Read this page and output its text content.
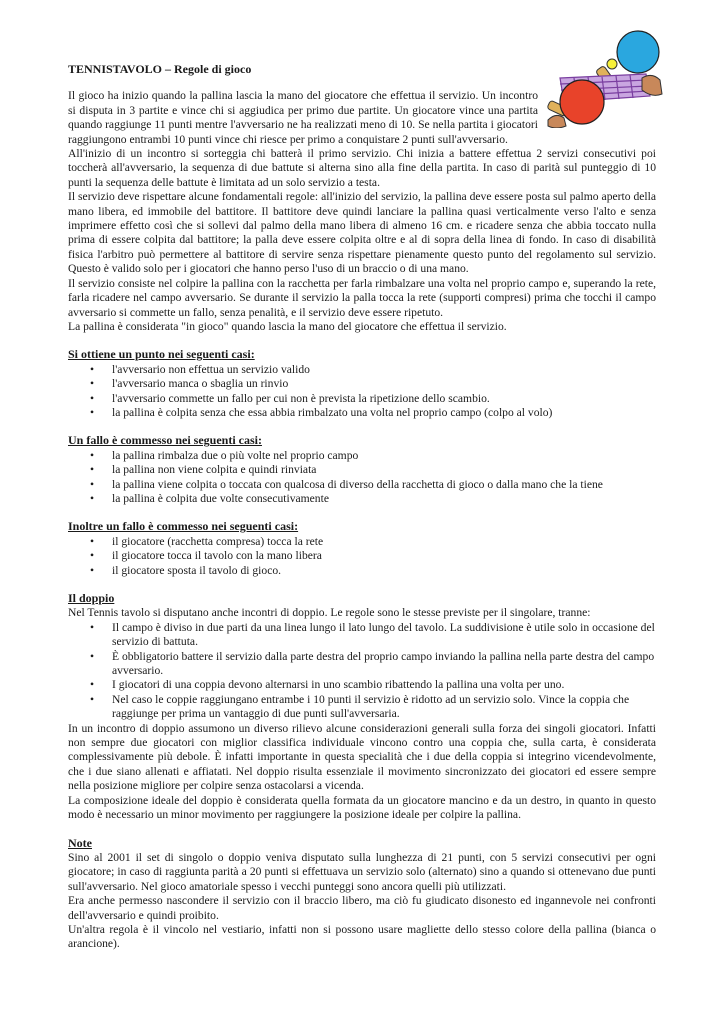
TENNISTAVOLO – Regole di gioco

Il gioco ha inizio quando la pallina lascia la mano del giocatore che effettua il servizio. Un incontro si disputa in 3 partite e vince chi si aggiudica per primo due partite. Un giocatore vince una partita quando raggiunge 11 punti mentre l'avversario ne ha realizzati meno di 10. Se nella partita i giocatori raggiungono entrambi 10 punti vince chi riesce per primo a conquistare 2 punti sull'avversario.

All'inizio di un incontro si sorteggia chi batterà il primo servizio. Chi inizia a battere effettua 2 servizi consecutivi poi toccherà all'avversario, la sequenza di due battute si alterna sino alla fine della partita. In caso di parità sul punteggio di 10 punti la sequenza delle battute è limitata ad un solo servizio a testa.

Il servizio deve rispettare alcune fondamentali regole: all'inizio del servizio, la pallina deve essere posta sul palmo aperto della mano libera, ed immobile del battitore. Il battitore deve quindi lanciare la pallina quasi verticalmente verso l'alto e senza imprimere effetto così che si sollevi dal palmo della mano libera di almeno 16 cm. e ricadere senza che abbia toccato nulla prima di essere colpita dal battitore; la palla deve essere colpita oltre e al di sopra della linea di fondo. In caso di disabilità fisica l'arbitro può permettere al battitore di servire senza rispettare pienamente questo punto del regolamento sul servizio. Questo è valido solo per i giocatori che hanno perso l'uso di un braccio o di una mano.

Il servizio consiste nel colpire la pallina con la racchetta per farla rimbalzare una volta nel proprio campo e, superando la rete, farla ricadere nel campo avversario. Se durante il servizio la palla tocca la rete (supporti compresi) prima che tocchi il campo avversario si commette un fallo, senza penalità, e il servizio deve essere ripetuto.

La pallina è considerata "in gioco" quando lascia la mano del giocatore che effettua il servizio.

Si ottiene un punto nei seguenti casi:
• l'avversario non effettua un servizio valido
• l'avversario manca o sbaglia un rinvio
• l'avversario commette un fallo per cui non è prevista la ripetizione dello scambio.
• la pallina è colpita senza che essa abbia rimbalzato una volta nel proprio campo (colpo al volo)
Un fallo è commesso nei seguenti casi:
• la pallina rimbalza due o più volte nel proprio campo
• la pallina non viene colpita e quindi rinviata
• la pallina viene colpita o toccata con qualcosa di diverso della racchetta di gioco o dalla mano che la tiene
• la pallina è colpita due volte consecutivamente
Inoltre un fallo è commesso nei seguenti casi:
• il giocatore (racchetta compresa) tocca la rete
• il giocatore tocca il tavolo con la mano libera
• il giocatore sposta il tavolo di gioco.
Il doppio

Nel Tennis tavolo si disputano anche incontri di doppio. Le regole sono le stesse previste per il singolare, tranne:

• Il campo è diviso in due parti da una linea lungo il lato lungo del tavolo. La suddivisione è utile solo in occasione del servizio di battuta.
• È obbligatorio battere il servizio dalla parte destra del proprio campo inviando la pallina nella parte destra del campo avversario.
• I giocatori di una coppia devono alternarsi in uno scambio ribattendo la pallina una volta per uno.
• Nel caso le coppie raggiungano entrambe i 10 punti il servizio è ridotto ad un servizio solo. Vince la coppia che raggiunge per prima un vantaggio di due punti sull'avversaria.

In un incontro di doppio assumono un diverso rilievo alcune considerazioni generali sulla forza dei singoli giocatori. Infatti non sempre due giocatori con miglior classifica individuale vincono contro una coppia che, sulla carta, è considerata complessivamente più debole. È infatti importante in questa specialità che i due della coppia si integrino vicendevolmente, che i due siano allenati e affiatati. Nel doppio risulta essenziale il movimento sincronizzato dei giocatori ed essere sempre nella posizione migliore per colpire senza ostacolarsi a vicenda.

La composizione ideale del doppio è considerata quella formata da un giocatore mancino e da un destro, in quanto in questo modo è necessario un minor movimento per raggiungere la posizione ideale per colpire la pallina.

Note

Sino al 2001 il set di singolo o doppio veniva disputato sulla lunghezza di 21 punti, con 5 servizi consecutivi per ogni giocatore; in caso di raggiunta parità a 20 punti si effettuava un servizio solo (alternato) sino a quando si ottenevano due punti sull'avversario. Nel gioco amatoriale spesso i vecchi punteggi sono ancora quelli più utilizzati.

Era anche permesso nascondere il servizio con il braccio libero, ma ciò fu giudicato disonesto ed ingannevole nei confronti dell'avversario e quindi proibito.

Un'altra regola è il vincolo nel vestiario, infatti non si possono usare magliette dello stesso colore della pallina (bianca o arancione).
